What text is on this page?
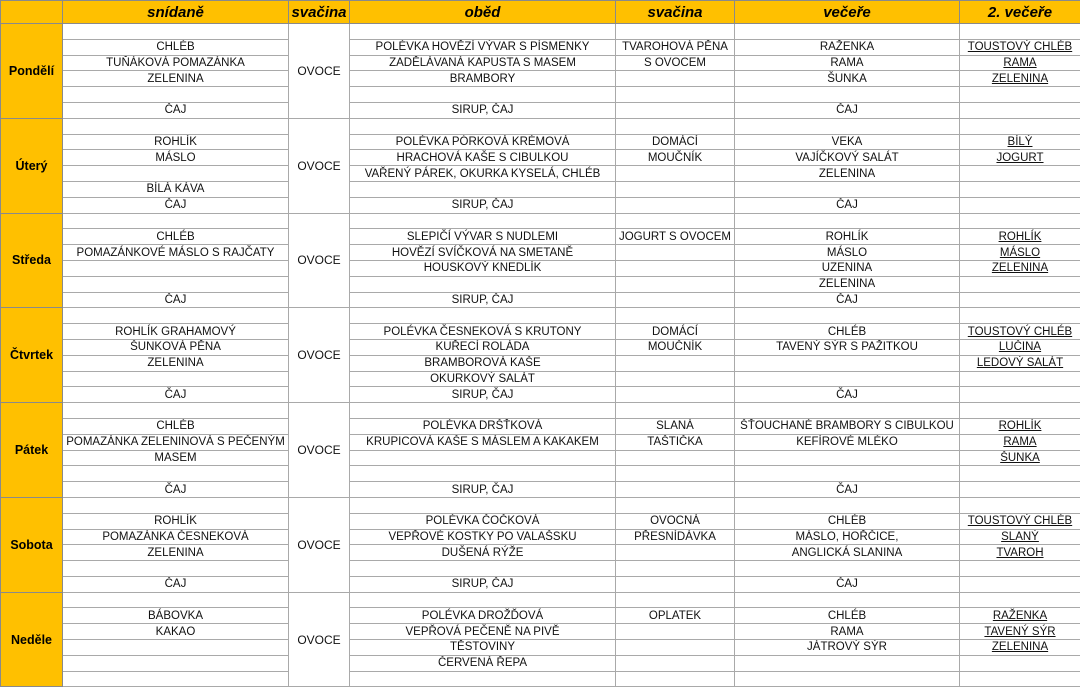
	snídaně	svačina	oběd	svačina	večeře	2. večeře
Pondělí		OVOCE				
	CHLÉB		POLÉVKA HOVĚZÍ VÝVAR S PÍSMENKY	TVAROHOVÁ PĚNA	RAŽENKA	TOUSTOVÝ CHLÉB
	TUŇÁKOVÁ POMAZÁNKA		ZADĚLÁVANÁ KAPUSTA S MASEM	S OVOCEM	RAMA	RAMA
	ZELENINA		BRAMBORY		ŠUNKA	ZELENINA

	ČAJ		SIRUP, ČAJ		ČAJ	
Úterý		OVOCE				
	ROHLÍK		POLÉVKA PÓRKOVÁ KRÉMOVÁ	DOMÁCÍ	VEKA	BÍLÝ
	MÁSLO		HRACHOVÁ KAŠE S CIBULKOU	MOUČNÍK	VAJÍČKOVÝ SALÁT	JOGURT
			VAŘENÝ PÁREK, OKURKA KYSELÁ, CHLÉB		ZELENINA	
	BÍLÁ KÁVA					
	ČAJ		SIRUP, ČAJ		ČAJ	
Středa		OVOCE				
	CHLÉB		SLEPIČÍ VÝVAR S NUDLEMI	JOGURT S OVOCEM	ROHLÍK	ROHLÍK
	POMAZÁNKOVÉ MÁSLO S RAJČATY		HOVĚZÍ SVÍČKOVÁ NA SMETANĚ		MÁSLO	MÁSLO
			HOUSKOVÝ KNEDLÍK		UZENINA	ZELENINA
					ZELENINA	
	ČAJ		SIRUP, ČAJ		ČAJ	
Čtvrtek		OVOCE				
	ROHLÍK GRAHAMOVÝ		POLÉVKA ČESNEKOVÁ S KRUTONY	DOMÁCÍ	CHLÉB	TOUSTOVÝ CHLÉB
	ŠUNKOVÁ PĚNA		KUŘECÍ ROLÁDA	MOUČNÍK	TAVENÝ SÝR S PAŽITKOU	LUČINA
	ZELENINA		BRAMBOROVÁ KAŠE			LEDOVÝ SALÁT
			OKURKOVÝ SALÁT			
	ČAJ		SIRUP, ČAJ		ČAJ	
Pátek		OVOCE				
	CHLÉB		POLÉVKA DRŠŤKOVÁ	SLANÁ	ŠŤOUCHANÉ BRAMBORY S CIBULKOU	ROHLÍK
	POMAZÁNKA ZELENINOVÁ S PEČENÝM		KRUPICOVÁ KAŠE S MÁSLEM A KAKAKEM	TAŠTIČKA	KEFÍROVÉ MLÉKO	RAMA
	MASEM					ŠUNKA

	ČAJ		SIRUP, ČAJ		ČAJ	
Sobota		OVOCE				
	ROHLÍK		POLÉVKA ČOČKOVÁ	OVOCNÁ	CHLÉB	TOUSTOVÝ CHLÉB
	POMAZÁNKA ČESNEKOVÁ		VEPŘOVÉ KOSTKY PO VALAŠSKU	PŘESNÍDÁVKA	MÁSLO, HOŘČICE,	SLANÝ
	ZELENINA		DUŠENÁ RÝŽE		ANGLICKÁ SLANINA	TVAROH

	ČAJ		SIRUP, ČAJ		ČAJ	
Neděle		OVOCE				
	BÁBOVKA		POLÉVKA DROŽĎOVÁ	OPLATEK	CHLÉB	RAŽENKA
	KAKAO		VEPŘOVÁ PEČENĚ NA PIVĚ		RAMA	TAVENÝ SÝR
			TĚSTOVINY		JÁTROVÝ SÝR	ZELENINA
			ČERVENÁ ŘEPA			
